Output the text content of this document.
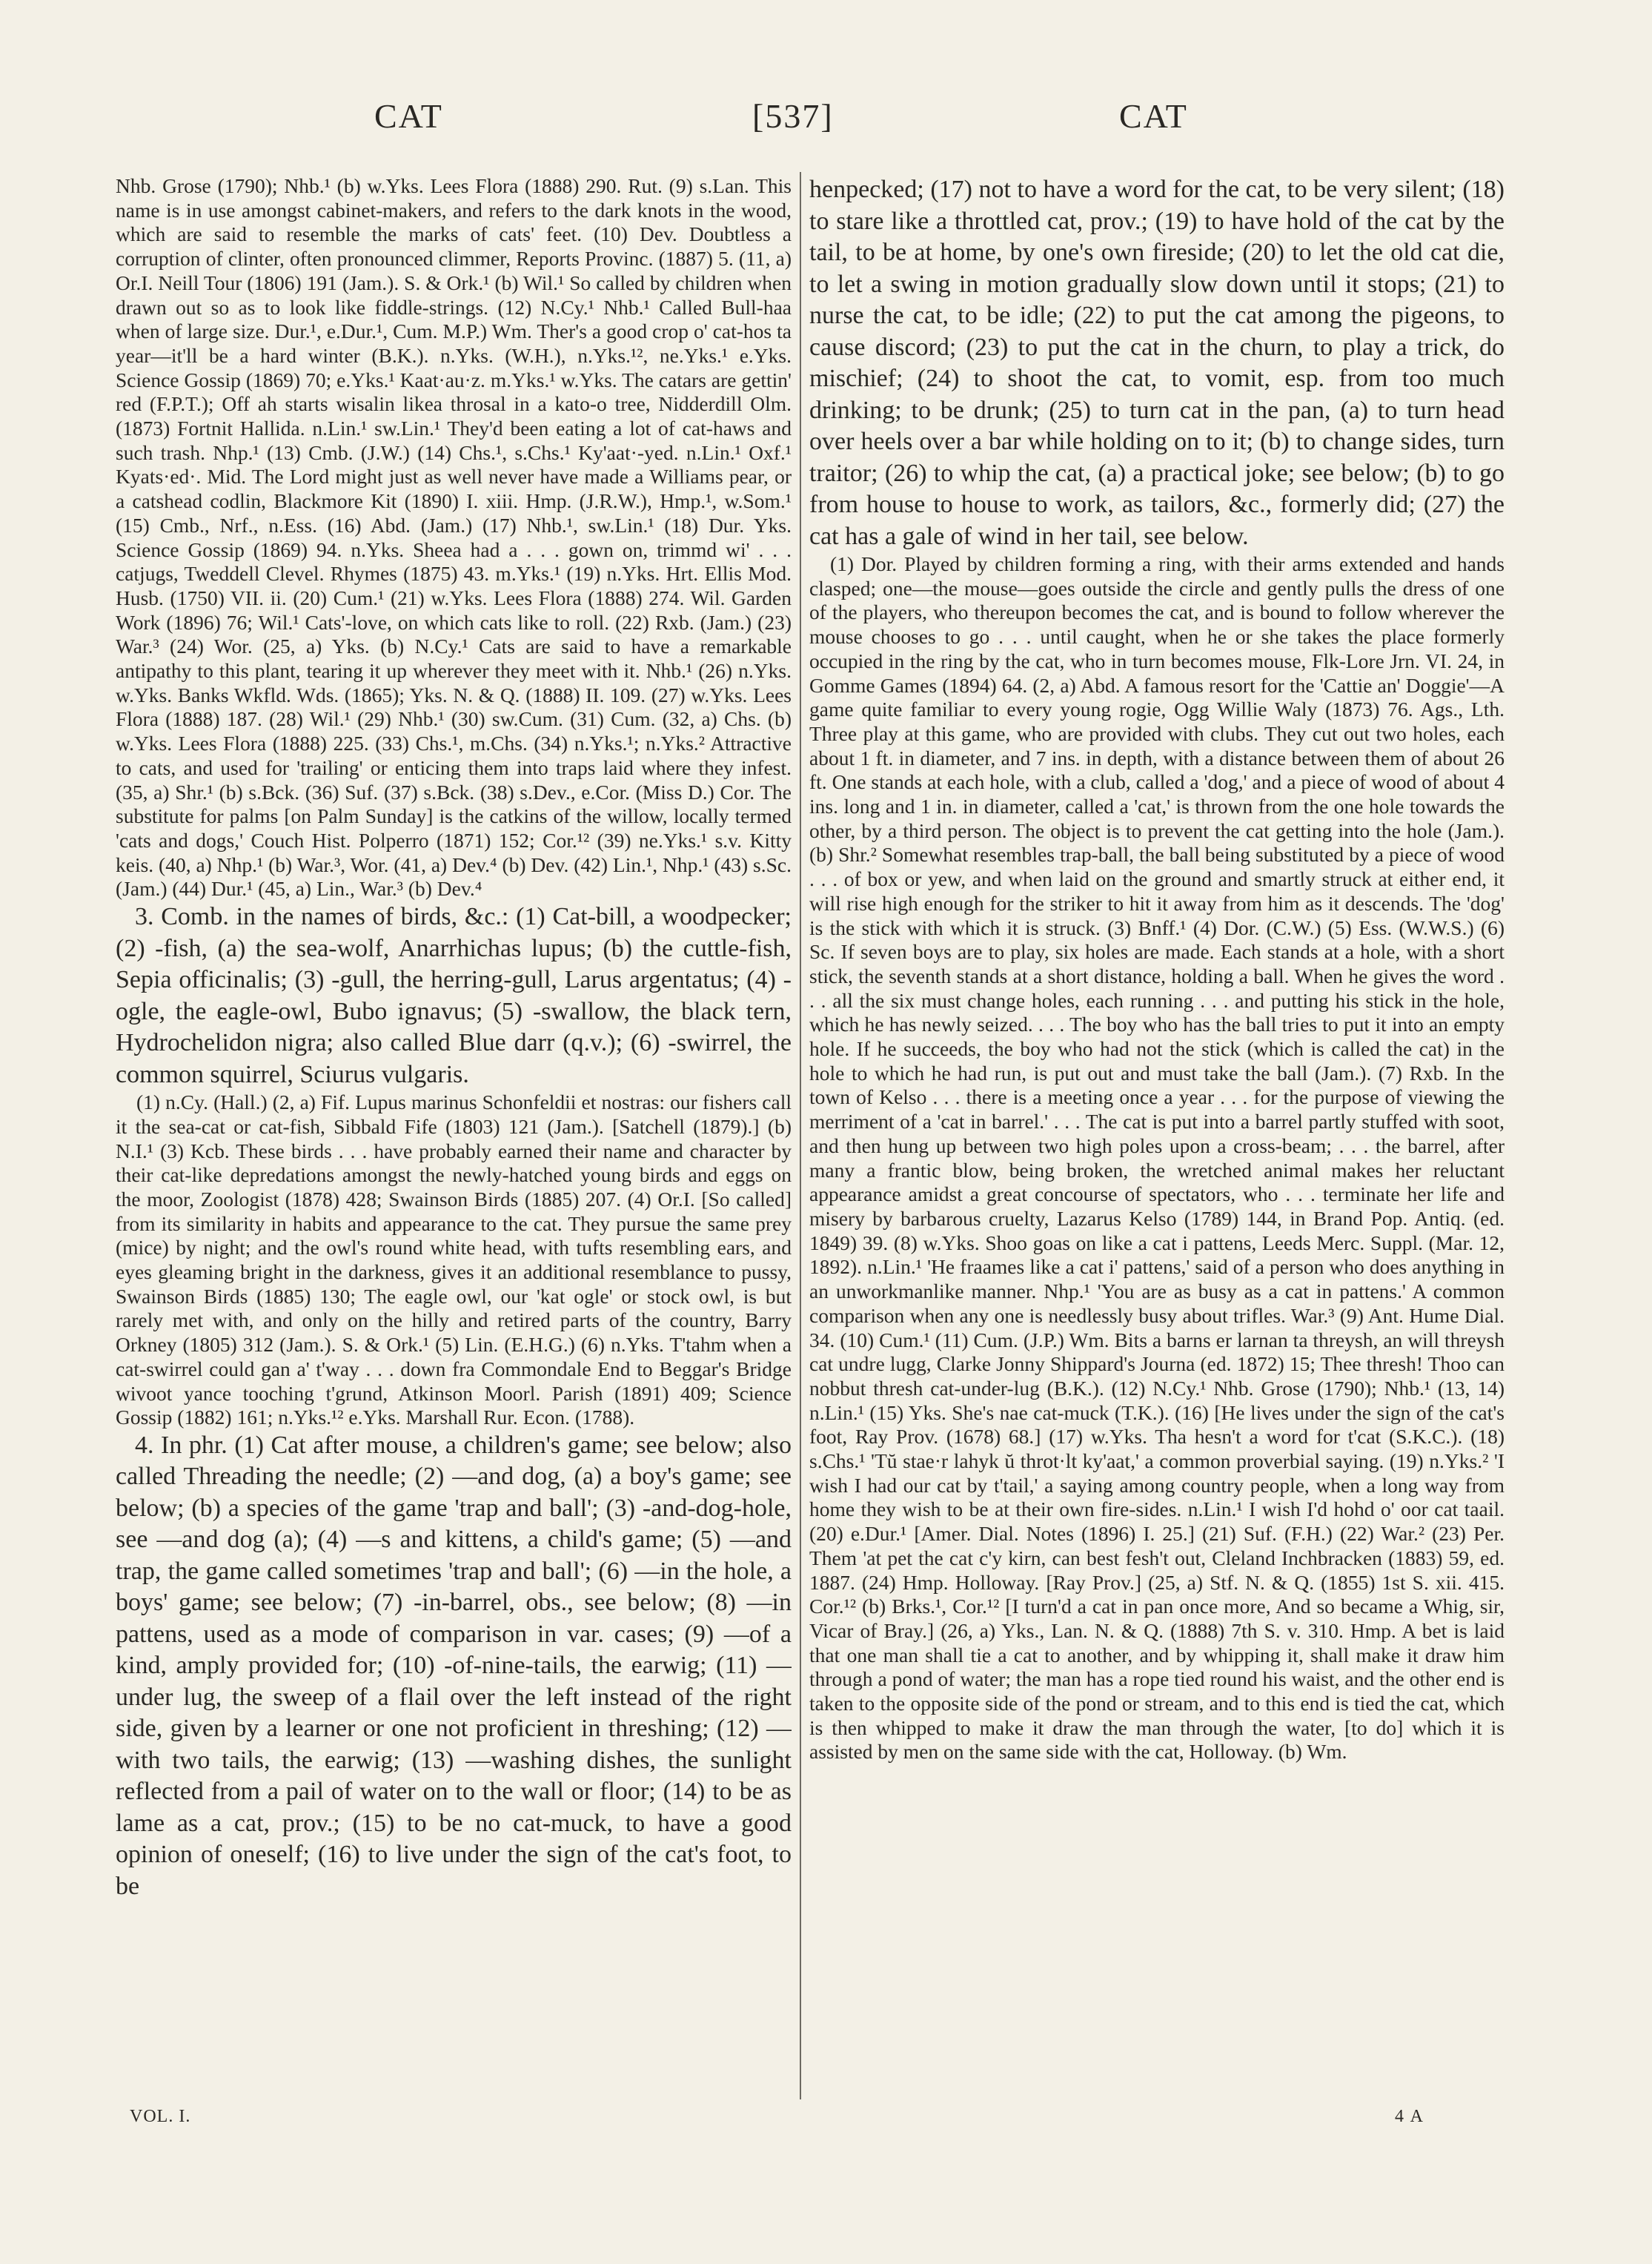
CAT	[537]	CAT

Nhb. Grose (1790); Nhb.¹ (b) w.Yks. Lees Flora (1888) 290. Rut. (9) s.Lan. This name is in use amongst cabinet-makers, and refers to the dark knots in the wood, which are said to resemble the marks of cats' feet. (10) Dev. Doubtless a corruption of clinter, often pronounced climmer, Reports Provinc. (1887) 5. (11, a) Or.I. Neill Tour (1806) 191 (Jam.). S. & Ork.¹ (b) Wil.¹ So called by children when drawn out so as to look like fiddle-strings. (12) N.Cy.¹ Nhb.¹ Called Bull-haa when of large size. Dur.¹, e.Dur.¹, Cum. M.P.) Wm. Ther's a good crop o' cat-hos ta year—it'll be a hard winter (B.K.). n.Yks. (W.H.), n.Yks.¹², ne.Yks.¹ e.Yks. Science Gossip (1869) 70; e.Yks.¹ Kaat·au·z. m.Yks.¹ w.Yks. The catars are gettin' red (F.P.T.); Off ah starts wisalin likea throsal in a kato-o tree, Nidderdill Olm. (1873) Fortnit Hallida. n.Lin.¹ sw.Lin.¹ They'd been eating a lot of cat-haws and such trash. Nhp.¹ (13) Cmb. (J.W.) (14) Chs.¹, s.Chs.¹ Ky'aat·-yed. n.Lin.¹ Oxf.¹ Kyats·ed·. Mid. The Lord might just as well never have made a Williams pear, or a catshead codlin, Blackmore Kit (1890) I. xiii. Hmp. (J.R.W.), Hmp.¹, w.Som.¹ (15) Cmb., Nrf., n.Ess. (16) Abd. (Jam.) (17) Nhb.¹, sw.Lin.¹ (18) Dur. Yks. Science Gossip (1869) 94. n.Yks. Sheea had a . . . gown on, trimmd wi' . . . catjugs, Tweddell Clevel. Rhymes (1875) 43. m.Yks.¹ (19) n.Yks. Hrt. Ellis Mod. Husb. (1750) VII. ii. (20) Cum.¹ (21) w.Yks. Lees Flora (1888) 274. Wil. Garden Work (1896) 76; Wil.¹ Cats'-love, on which cats like to roll. (22) Rxb. (Jam.) (23) War.³ (24) Wor. (25, a) Yks. (b) N.Cy.¹ Cats are said to have a remarkable antipathy to this plant, tearing it up wherever they meet with it. Nhb.¹ (26) n.Yks. w.Yks. Banks Wkfld. Wds. (1865); Yks. N. & Q. (1888) II. 109. (27) w.Yks. Lees Flora (1888) 187. (28) Wil.¹ (29) Nhb.¹ (30) sw.Cum. (31) Cum. (32, a) Chs. (b) w.Yks. Lees Flora (1888) 225. (33) Chs.¹, m.Chs. (34) n.Yks.¹; n.Yks.² Attractive to cats, and used for 'trailing' or enticing them into traps laid where they infest. (35, a) Shr.¹ (b) s.Bck. (36) Suf. (37) s.Bck. (38) s.Dev., e.Cor. (Miss D.) Cor. The substitute for palms [on Palm Sunday] is the catkins of the willow, locally termed 'cats and dogs,' Couch Hist. Polperro (1871) 152; Cor.¹² (39) ne.Yks.¹ s.v. Kitty keis. (40, a) Nhp.¹ (b) War.³, Wor. (41, a) Dev.⁴ (b) Dev. (42) Lin.¹, Nhp.¹ (43) s.Sc. (Jam.) (44) Dur.¹ (45, a) Lin., War.³ (b) Dev.⁴

3. Comb. in the names of birds, &c.: (1) Cat-bill, a woodpecker; (2) -fish, (a) the sea-wolf, Anarrhichas lupus; (b) the cuttle-fish, Sepia officinalis; (3) -gull, the herring-gull, Larus argentatus; (4) -ogle, the eagle-owl, Bubo ignavus; (5) -swallow, the black tern, Hydrochelidon nigra; also called Blue darr (q.v.); (6) -swirrel, the common squirrel, Sciurus vulgaris.

(1) n.Cy. (Hall.) (2, a) Fif. Lupus marinus Schonfeldii et nostras: our fishers call it the sea-cat or cat-fish, Sibbald Fife (1803) 121 (Jam.). [Satchell (1879).] (b) N.I.¹ (3) Kcb. These birds . . . have probably earned their name and character by their cat-like depredations amongst the newly-hatched young birds and eggs on the moor, Zoologist (1878) 428; Swainson Birds (1885) 207. (4) Or.I. [So called] from its similarity in habits and appearance to the cat. They pursue the same prey (mice) by night; and the owl's round white head, with tufts resembling ears, and eyes gleaming bright in the darkness, gives it an additional resemblance to pussy, Swainson Birds (1885) 130; The eagle owl, our 'kat ogle' or stock owl, is but rarely met with, and only on the hilly and retired parts of the country, Barry Orkney (1805) 312 (Jam.). S. & Ork.¹ (5) Lin. (E.H.G.) (6) n.Yks. T'tahm when a cat-swirrel could gan a' t'way . . . down fra Commondale End to Beggar's Bridge wivoot yance tooching t'grund, Atkinson Moorl. Parish (1891) 409; Science Gossip (1882) 161; n.Yks.¹² e.Yks. Marshall Rur. Econ. (1788).

4. In phr. (1) Cat after mouse, a children's game; see below; also called Threading the needle; (2) —and dog, (a) a boy's game; see below; (b) a species of the game 'trap and ball'; (3) -and-dog-hole, see —and dog (a); (4) —s and kittens, a child's game; (5) —and trap, the game called sometimes 'trap and ball'; (6) —in the hole, a boys' game; see below; (7) -in-barrel, obs., see below; (8) —in pattens, used as a mode of comparison in var. cases; (9) —of a kind, amply provided for; (10) -of-nine-tails, the earwig; (11) —under lug, the sweep of a flail over the left instead of the right side, given by a learner or one not proficient in threshing; (12) —with two tails, the earwig; (13) —washing dishes, the sunlight reflected from a pail of water on to the wall or floor; (14) to be as lame as a cat, prov.; (15) to be no cat-muck, to have a good opinion of oneself; (16) to live under the sign of the cat's foot, to be

henpecked; (17) not to have a word for the cat, to be very silent; (18) to stare like a throttled cat, prov.; (19) to have hold of the cat by the tail, to be at home, by one's own fireside; (20) to let the old cat die, to let a swing in motion gradually slow down until it stops; (21) to nurse the cat, to be idle; (22) to put the cat among the pigeons, to cause discord; (23) to put the cat in the churn, to play a trick, do mischief; (24) to shoot the cat, to vomit, esp. from too much drinking; to be drunk; (25) to turn cat in the pan, (a) to turn head over heels over a bar while holding on to it; (b) to change sides, turn traitor; (26) to whip the cat, (a) a practical joke; see below; (b) to go from house to house to work, as tailors, &c., formerly did; (27) the cat has a gale of wind in her tail, see below.

(1) Dor. Played by children forming a ring, with their arms extended and hands clasped; one—the mouse—goes outside the circle and gently pulls the dress of one of the players, who thereupon becomes the cat, and is bound to follow wherever the mouse chooses to go . . . until caught, when he or she takes the place formerly occupied in the ring by the cat, who in turn becomes mouse, Flk-Lore Jrn. VI. 24, in Gomme Games (1894) 64. (2, a) Abd. A famous resort for the 'Cattie an' Doggie'—A game quite familiar to every young rogie, Ogg Willie Waly (1873) 76. Ags., Lth. Three play at this game, who are provided with clubs. They cut out two holes, each about 1 ft. in diameter, and 7 ins. in depth, with a distance between them of about 26 ft. One stands at each hole, with a club, called a 'dog,' and a piece of wood of about 4 ins. long and 1 in. in diameter, called a 'cat,' is thrown from the one hole towards the other, by a third person. The object is to prevent the cat getting into the hole (Jam.). (b) Shr.² Somewhat resembles trap-ball, the ball being substituted by a piece of wood . . . of box or yew, and when laid on the ground and smartly struck at either end, it will rise high enough for the striker to hit it away from him as it descends. The 'dog' is the stick with which it is struck. (3) Bnff.¹ (4) Dor. (C.W.) (5) Ess. (W.W.S.) (6) Sc. If seven boys are to play, six holes are made. Each stands at a hole, with a short stick, the seventh stands at a short distance, holding a ball. When he gives the word . . . all the six must change holes, each running . . . and putting his stick in the hole, which he has newly seized. . . . The boy who has the ball tries to put it into an empty hole. If he succeeds, the boy who had not the stick (which is called the cat) in the hole to which he had run, is put out and must take the ball (Jam.). (7) Rxb. In the town of Kelso . . . there is a meeting once a year . . . for the purpose of viewing the merriment of a 'cat in barrel.' . . . The cat is put into a barrel partly stuffed with soot, and then hung up between two high poles upon a cross-beam; . . . the barrel, after many a frantic blow, being broken, the wretched animal makes her reluctant appearance amidst a great concourse of spectators, who . . . terminate her life and misery by barbarous cruelty, Lazarus Kelso (1789) 144, in Brand Pop. Antiq. (ed. 1849) 39. (8) w.Yks. Shoo goas on like a cat i pattens, Leeds Merc. Suppl. (Mar. 12, 1892). n.Lin.¹ 'He fraames like a cat i' pattens,' said of a person who does anything in an unworkmanlike manner. Nhp.¹ 'You are as busy as a cat in pattens.' A common comparison when any one is needlessly busy about trifles. War.³ (9) Ant. Hume Dial. 34. (10) Cum.¹ (11) Cum. (J.P.) Wm. Bits a barns er larnan ta threysh, an will threysh cat undre lugg, Clarke Jonny Shippard's Journa (ed. 1872) 15; Thee thresh! Thoo can nobbut thresh cat-under-lug (B.K.). (12) N.Cy.¹ Nhb. Grose (1790); Nhb.¹ (13, 14) n.Lin.¹ (15) Yks. She's nae cat-muck (T.K.). (16) [He lives under the sign of the cat's foot, Ray Prov. (1678) 68.] (17) w.Yks. Tha hesn't a word for t'cat (S.K.C.). (18) s.Chs.¹ 'Tŭ stae·r lahyk ŭ throt·lt ky'aat,' a common proverbial saying. (19) n.Yks.² 'I wish I had our cat by t'tail,' a saying among country people, when a long way from home they wish to be at their own fire-sides. n.Lin.¹ I wish I'd hohd o' oor cat taail. (20) e.Dur.¹ [Amer. Dial. Notes (1896) I. 25.] (21) Suf. (F.H.) (22) War.² (23) Per. Them 'at pet the cat c'y kirn, can best fesh't out, Cleland Inchbracken (1883) 59, ed. 1887. (24) Hmp. Holloway. [Ray Prov.] (25, a) Stf. N. & Q. (1855) 1st S. xii. 415. Cor.¹² (b) Brks.¹, Cor.¹² [I turn'd a cat in pan once more, And so became a Whig, sir, Vicar of Bray.] (26, a) Yks., Lan. N. & Q. (1888) 7th S. v. 310. Hmp. A bet is laid that one man shall tie a cat to another, and by whipping it, shall make it draw him through a pond of water; the man has a rope tied round his waist, and the other end is taken to the opposite side of the pond or stream, and to this end is tied the cat, which is then whipped to make it draw the man through the water, [to do] which it is assisted by men on the same side with the cat, Holloway. (b) Wm.

VOL. I.	4 A
